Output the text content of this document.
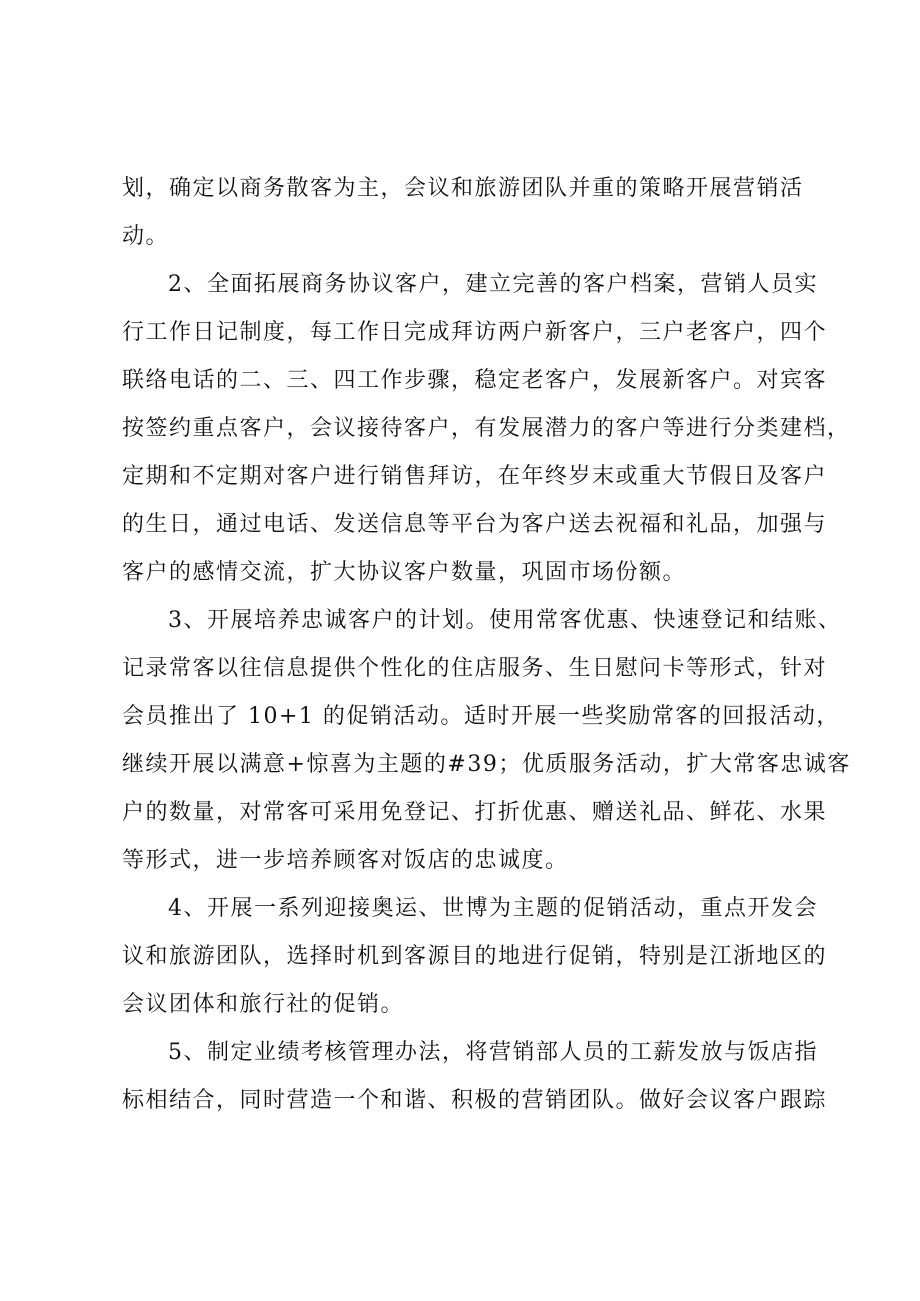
划，确定以商务散客为主，会议和旅游团队并重的策略开展营销活
动。
2、全面拓展商务协议客户，建立完善的客户档案，营销人员实
行工作日记制度，每工作日完成拜访两户新客户，三户老客户，四个
联络电话的二、三、四工作步骤，稳定老客户，发展新客户。对宾客
按签约重点客户，会议接待客户，有发展潜力的客户等进行分类建档，
定期和不定期对客户进行销售拜访，在年终岁末或重大节假日及客户
的生日，通过电话、发送信息等平台为客户送去祝福和礼品，加强与
客户的感情交流，扩大协议客户数量，巩固市场份额。
3、开展培养忠诚客户的计划。使用常客优惠、快速登记和结账、
记录常客以往信息提供个性化的住店服务、生日慰问卡等形式，针对
会员推出了 10+1 的促销活动。适时开展一些奖励常客的回报活动，
继续开展以满意+惊喜为主题的#39；优质服务活动，扩大常客忠诚客
户的数量，对常客可采用免登记、打折优惠、赠送礼品、鲜花、水果
等形式，进一步培养顾客对饭店的忠诚度。
4、开展一系列迎接奥运、世博为主题的促销活动，重点开发会
议和旅游团队，选择时机到客源目的地进行促销，特别是江浙地区的
会议团体和旅行社的促销。
5、制定业绩考核管理办法，将营销部人员的工薪发放与饭店指
标相结合，同时营造一个和谐、积极的营销团队。做好会议客户跟踪
